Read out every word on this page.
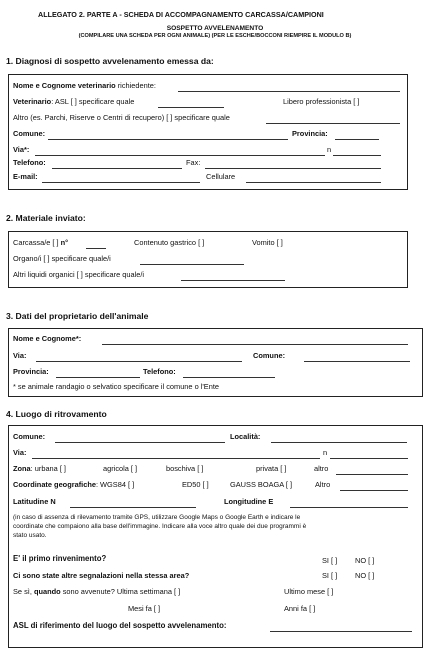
ALLEGATO 2. PARTE A - SCHEDA DI ACCOMPAGNAMENTO CARCASSA/CAMPIONI
SOSPETTO AVVELENAMENTO
(COMPILARE UNA SCHEDA PER OGNI ANIMALE) (PER LE ESCHE/BOCCONI RIEMPIRE IL MODULO B)
1. Diagnosi di sospetto avvelenamento emessa da:
Nome e Cognome veterinario richiedente:
Veterinario: ASL [ ] specificare quale	Libero professionista [ ]
Altro (es. Parchi, Riserve o Centri di recupero) [ ] specificare quale
Comune:	Provincia:
Via*:	n
Telefono:	Fax:
E-mail:	Cellulare
2. Materiale inviato:
Carcassa/e [ ] n°	Contenuto gastrico [ ]	Vomito [ ]
Organo/i [ ] specificare quale/i
Altri liquidi organici [ ] specificare quale/i
3. Dati del proprietario dell'animale
Nome e Cognome*:
Via:	Comune:
Provincia:	Telefono:
* se animale randagio o selvatico specificare il comune o l'Ente
4. Luogo di ritrovamento
Comune:	Località:
Via:	n
Zona: urbana [ ]	agricola [ ]	boschiva [ ]	privata [ ]	altro
Coordinate geografiche: WGS84 [ ]	ED50 [ ]	GAUSS BOAGA [ ]	Altro
Latitudine N	Longitudine E
(in caso di assenza di rilevamento tramite GPS, utilizzare Google Maps o Google Earth e indicare le
coordinate che compaiono alla base dell'immagine. Indicare alla voce altro quale dei due programmi è
stato usato.
E' il primo rinvenimento?	SI [ ] NO [ ]
Ci sono state altre segnalazioni nella stessa area?	SI [ ] NO [ ]
Se sì, quando sono avvenute? Ultima settimana [ ]	Ultimo mese [ ]
Mesi fa [ ]	Anni fa [ ]
ASL di riferimento del luogo del sospetto avvelenamento:
